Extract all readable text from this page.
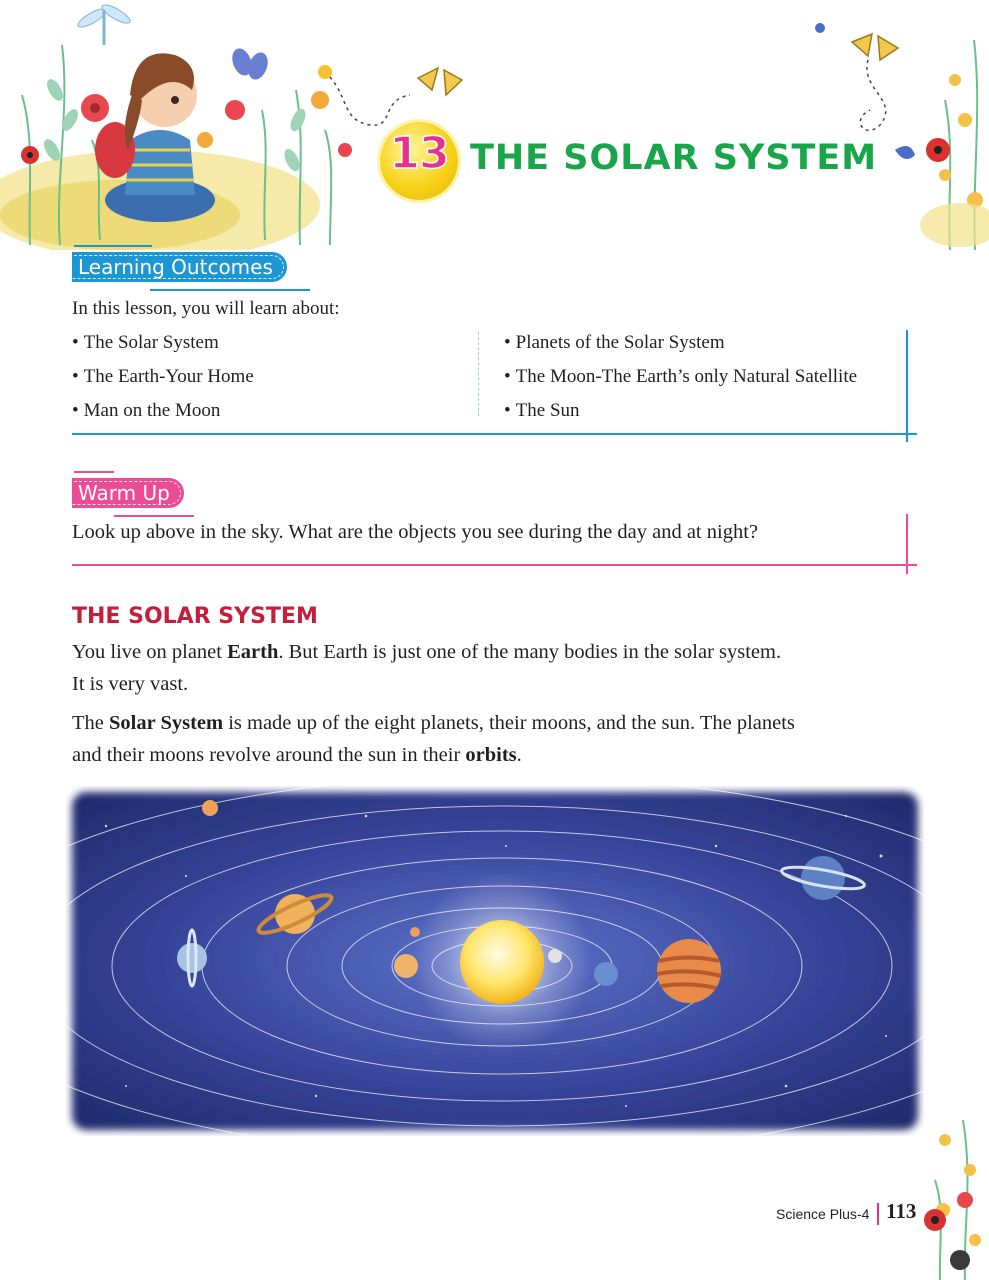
13 THE SOLAR SYSTEM
Learning Outcomes
In this lesson, you will learn about:
• The Solar System
• The Earth-Your Home
• Man on the Moon
• Planets of the Solar System
• The Moon-The Earth’s only Natural Satellite
• The Sun
Warm Up
Look up above in the sky. What are the objects you see during the day and at night?
THE SOLAR SYSTEM
You live on planet Earth. But Earth is just one of the many bodies in the solar system.
It is very vast.
The Solar System is made up of the eight planets, their moons, and the sun. The planets
and their moons revolve around the sun in their orbits.
Science Plus-4 113
